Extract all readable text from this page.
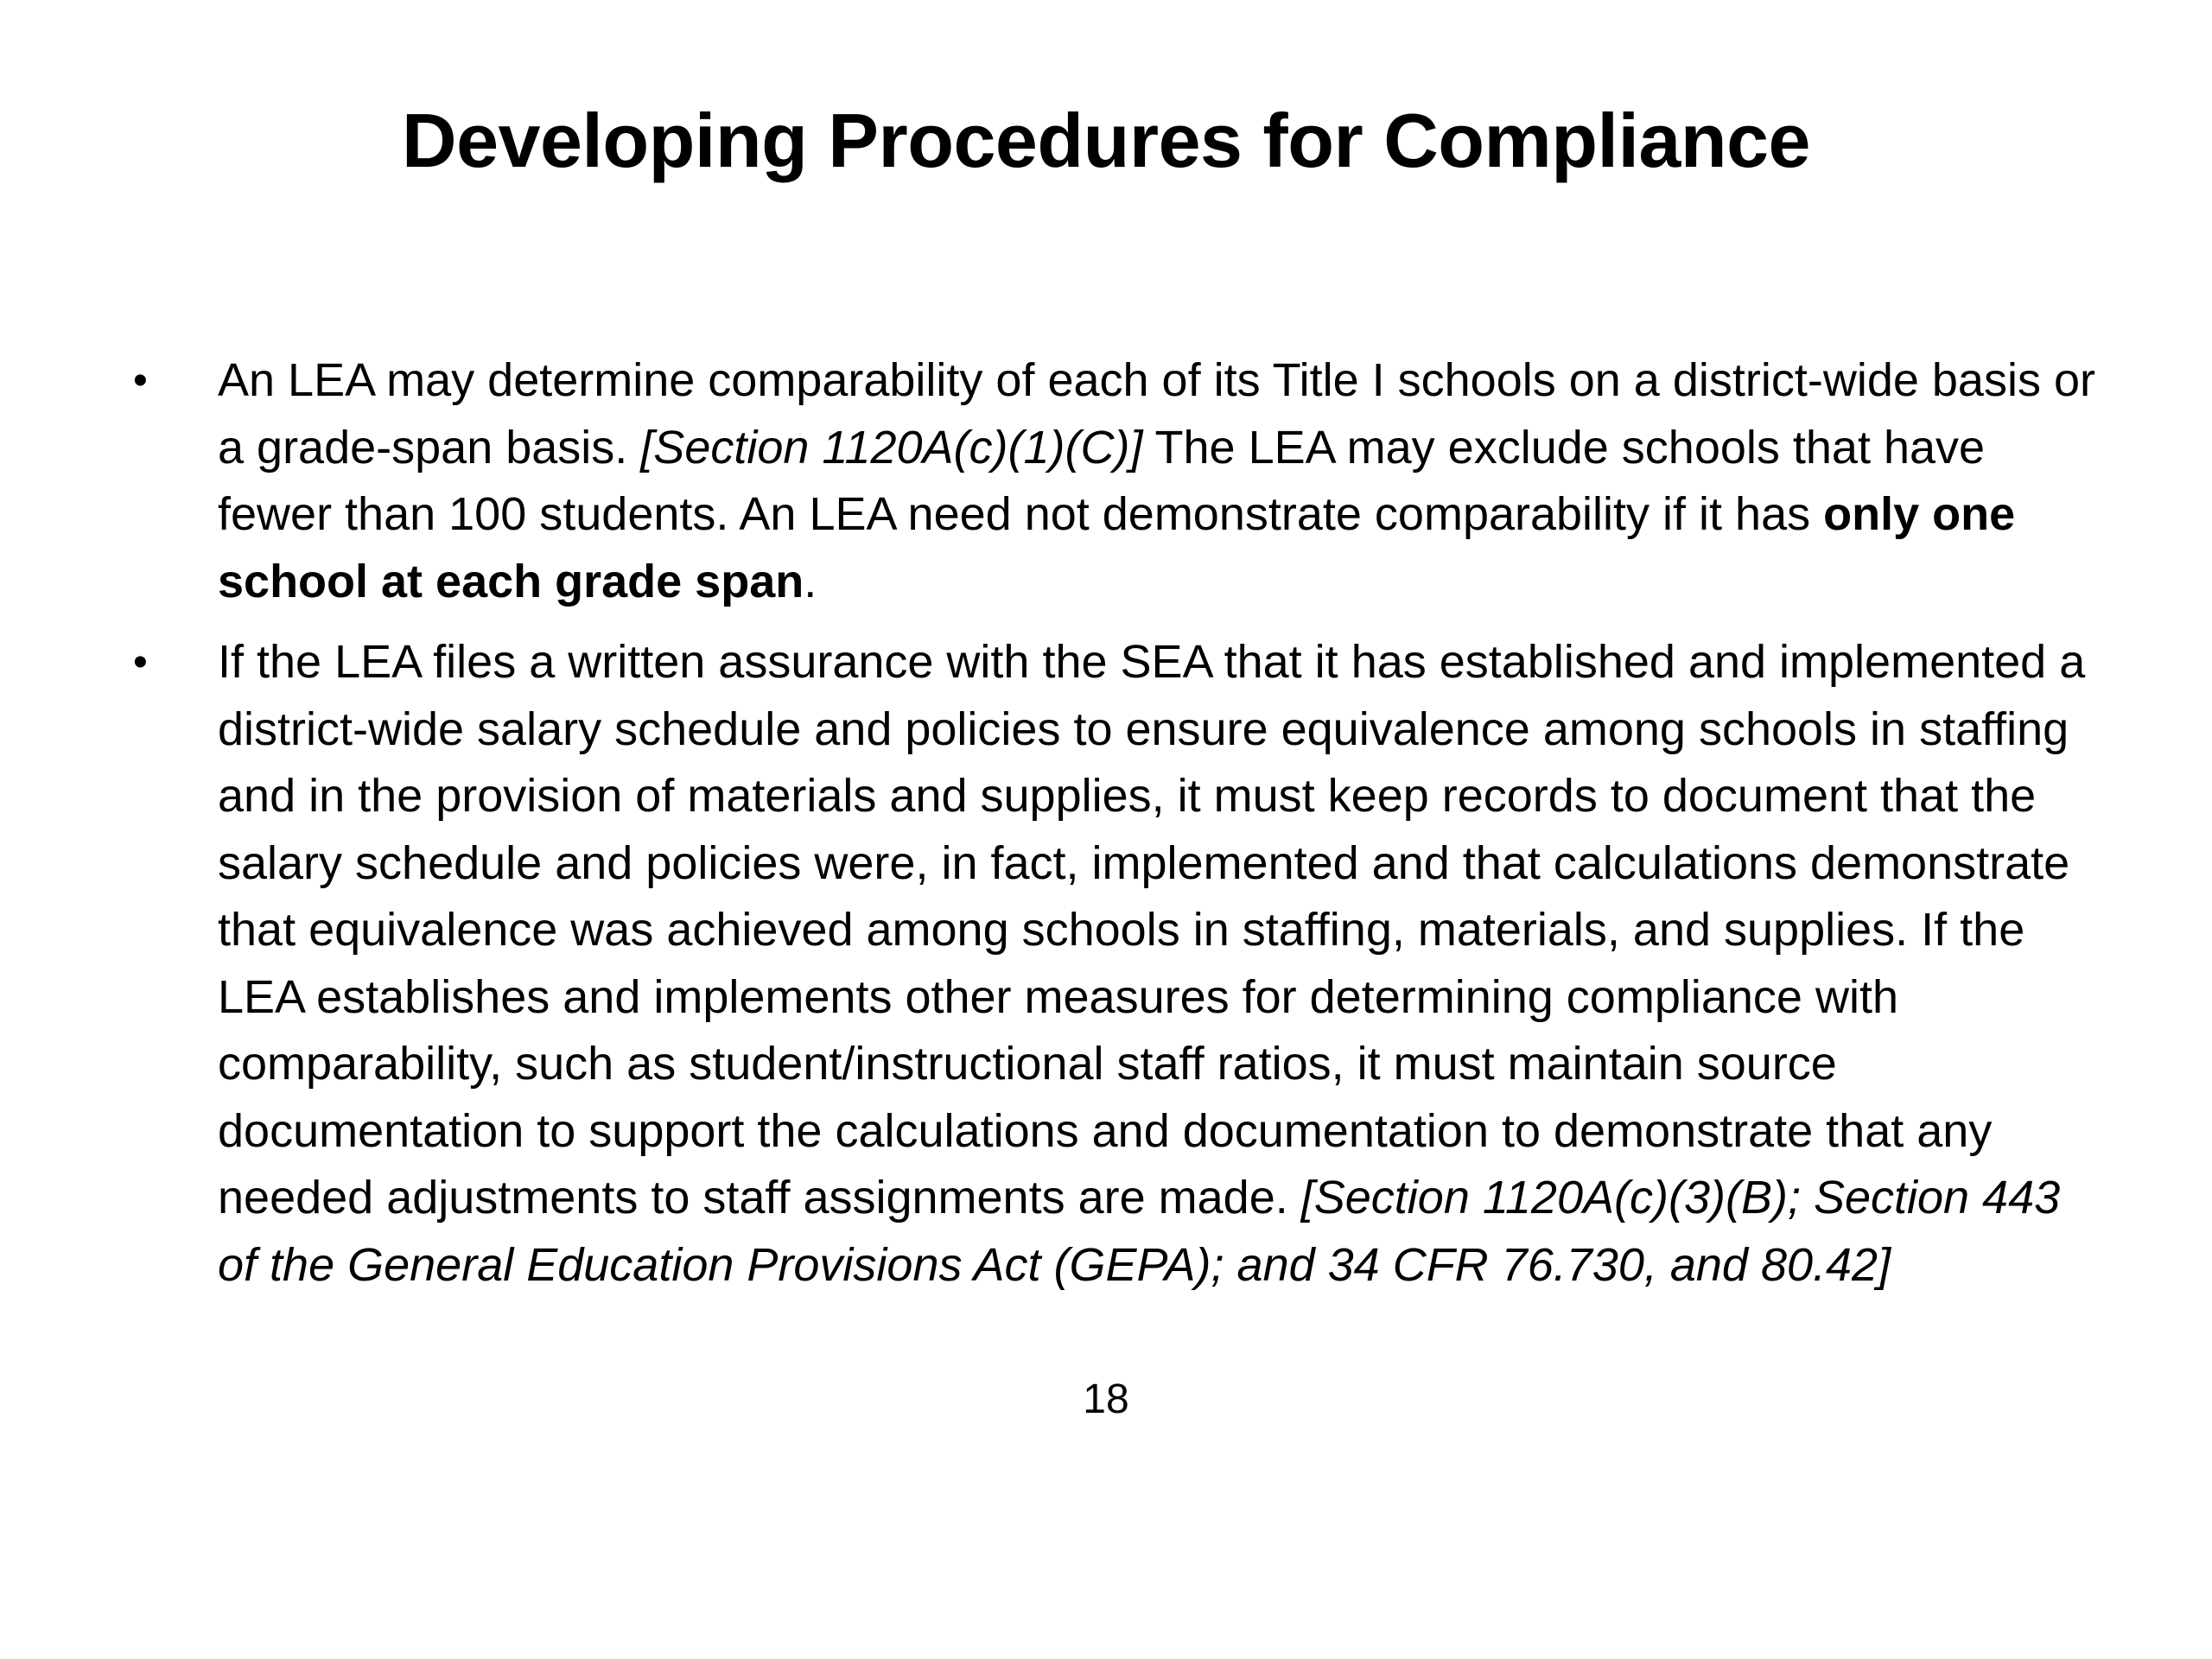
Developing Procedures for Compliance
• An LEA may determine comparability of each of its Title I schools on a district-wide basis or a grade-span basis. [Section 1120A(c)(1)(C)] The LEA may exclude schools that have fewer than 100 students. An LEA need not demonstrate comparability if it has only one school at each grade span.
• If the LEA files a written assurance with the SEA that it has established and implemented a district-wide salary schedule and policies to ensure equivalence among schools in staffing and in the provision of materials and supplies, it must keep records to document that the salary schedule and policies were, in fact, implemented and that calculations demonstrate that equivalence was achieved among schools in staffing, materials, and supplies. If the LEA establishes and implements other measures for determining compliance with comparability, such as student/instructional staff ratios, it must maintain source documentation to support the calculations and documentation to demonstrate that any needed adjustments to staff assignments are made. [Section 1120A(c)(3)(B); Section 443 of the General Education Provisions Act (GEPA); and 34 CFR 76.730, and 80.42]
18
